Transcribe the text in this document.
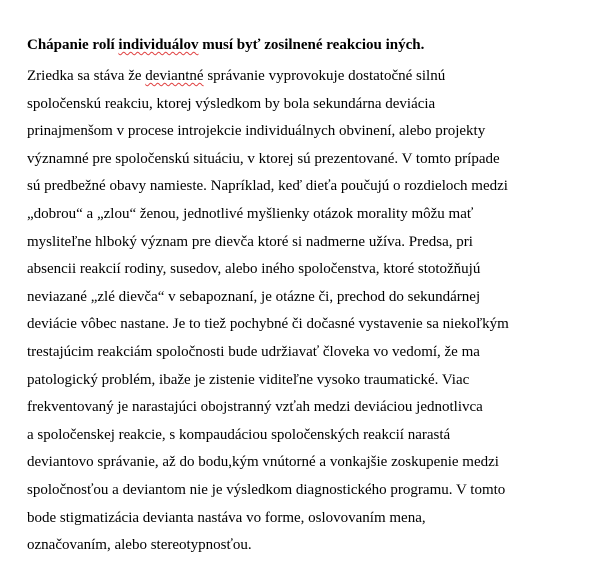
Chápanie rolí individuálov musí byť zosilnené reakciou iných.

Zriedka sa stáva že deviantné správanie vyprovokuje dostatočné silnú
spoločenskú reakciu, ktorej výsledkom by bola sekundárna deviácia
prinajmenšom v procese introjekcie individuálnych obvinení, alebo projekty
významné pre spoločenskú situáciu, v ktorej sú prezentované. V tomto prípade
sú predbežné obavy namieste. Napríklad, keď dieťa poučujú o rozdieloch medzi
„dobrou“ a „zlou“ ženou, jednotlivé myšlienky otázok morality môžu mať
mysliteľne hlboký význam pre dievča ktoré si nadmerne užíva. Predsa, pri
absencii reakcií rodiny, susedov, alebo iného spoločenstva, ktoré stotožňujú
neviazané „zlé dievča“ v sebapoznaní, je otázne či, prechod do sekundárnej
deviácie vôbec nastane. Je to tiež pochybné či dočasné vystavenie sa niekoľkým
trestajúcim reakciám spoločnosti bude udržiavať človeka vo vedomí, že ma
patologický problém, ibaže je zistenie viditeľne vysoko traumatické. Viac
frekventovaný je narastajúci obojstranný vzťah medzi deviáciou jednotlivca
a spoločenskej reakcie, s kompaudáciou spoločenských reakcií narastá
deviantovo správanie, až do bodu,kým vnútorné a vonkajšie zoskupenie medzi
spoločnosťou a deviantom nie je výsledkom diagnostického programu. V tomto
bode stigmatizácia devianta nastáva vo forme, oslovovaním mena,
označovaním, alebo stereotypnosťou.
